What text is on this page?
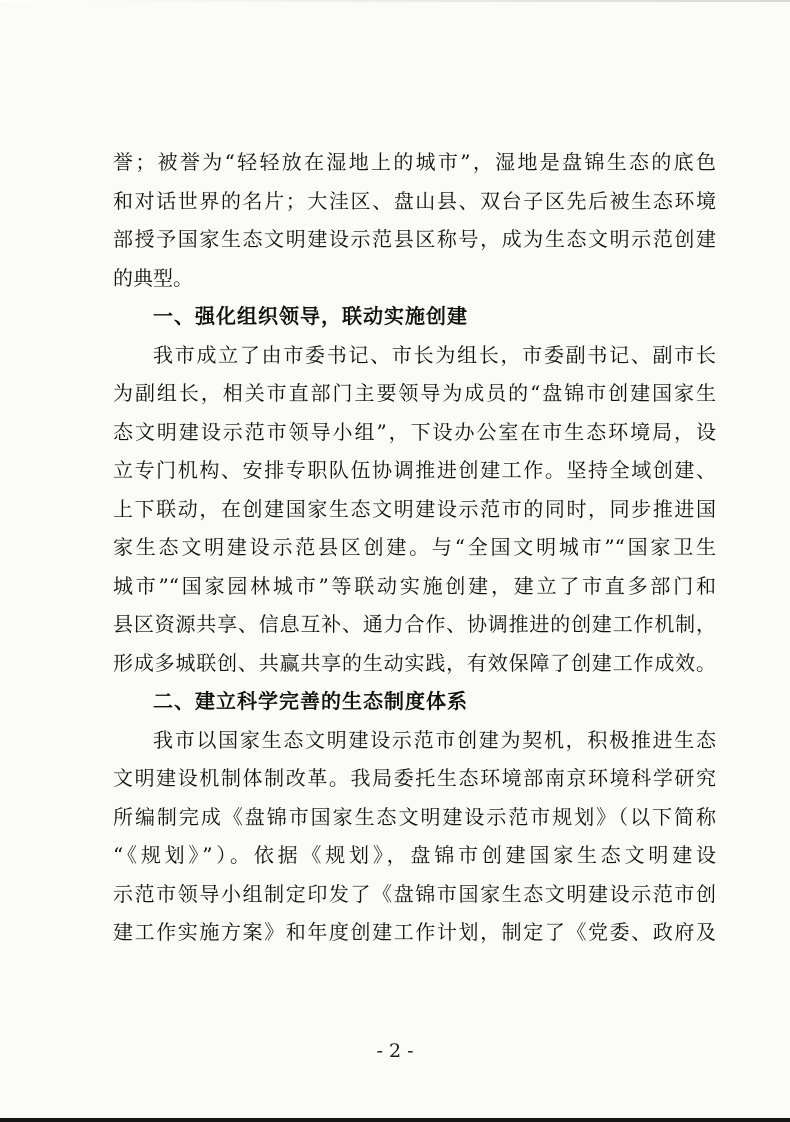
誉；被誉为“轻轻放在湿地上的城市”，湿地是盘锦生态的底色
和对话世界的名片；大洼区、盘山县、双台子区先后被生态环境
部授予国家生态文明建设示范县区称号，成为生态文明示范创建
的典型。
一、强化组织领导，联动实施创建
我市成立了由市委书记、市长为组长，市委副书记、副市长
为副组长，相关市直部门主要领导为成员的“盘锦市创建国家生
态文明建设示范市领导小组”，下设办公室在市生态环境局，设
立专门机构、安排专职队伍协调推进创建工作。坚持全域创建、
上下联动，在创建国家生态文明建设示范市的同时，同步推进国
家生态文明建设示范县区创建。与“全国文明城市”“国家卫生
城市”“国家园林城市”等联动实施创建，建立了市直多部门和
县区资源共享、信息互补、通力合作、协调推进的创建工作机制，
形成多城联创、共赢共享的生动实践，有效保障了创建工作成效。
二、建立科学完善的生态制度体系
我市以国家生态文明建设示范市创建为契机，积极推进生态
文明建设机制体制改革。我局委托生态环境部南京环境科学研究
所编制完成《盘锦市国家生态文明建设示范市规划》（以下简称
“《规划》”）。依据《规划》，盘锦市创建国家生态文明建设
示范市领导小组制定印发了《盘锦市国家生态文明建设示范市创
建工作实施方案》和年度创建工作计划，制定了《党委、政府及
- 2 -
